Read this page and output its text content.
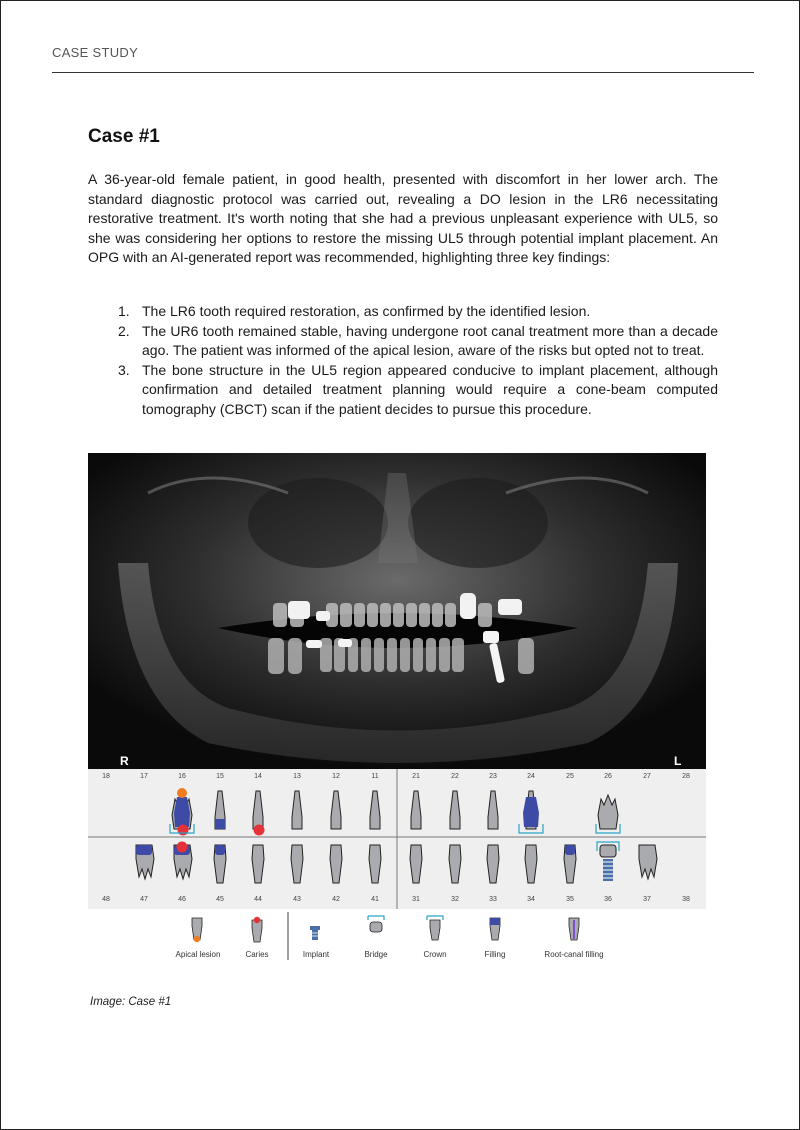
CASE STUDY
Case #1
A 36-year-old female patient, in good health, presented with discomfort in her lower arch. The standard diagnostic protocol was carried out, revealing a DO lesion in the LR6 necessitating restorative treatment. It's worth noting that she had a previous unpleasant experience with UL5, so she was considering her options to restore the missing UL5 through potential implant placement. An OPG with an AI-generated report was recommended, highlighting three key findings:
1. The LR6 tooth required restoration, as confirmed by the identified lesion.
2. The UR6 tooth remained stable, having undergone root canal treatment more than a decade ago. The patient was informed of the apical lesion, aware of the risks but opted not to treat.
3. The bone structure in the UL5 region appeared conducive to implant placement, although confirmation and detailed treatment planning would require a cone-beam computed tomography (CBCT) scan if the patient decides to pursue this procedure.
R	L
18	17	16	15	14	13	12	11	21	22	23	24	25	26	27	28
48	47	46	45	44	43	42	41	31	32	33	34	35	36	37	38
Apical lesion	Caries	Implant	Bridge	Crown	Filling	Root-canal filling
Image: Case #1
